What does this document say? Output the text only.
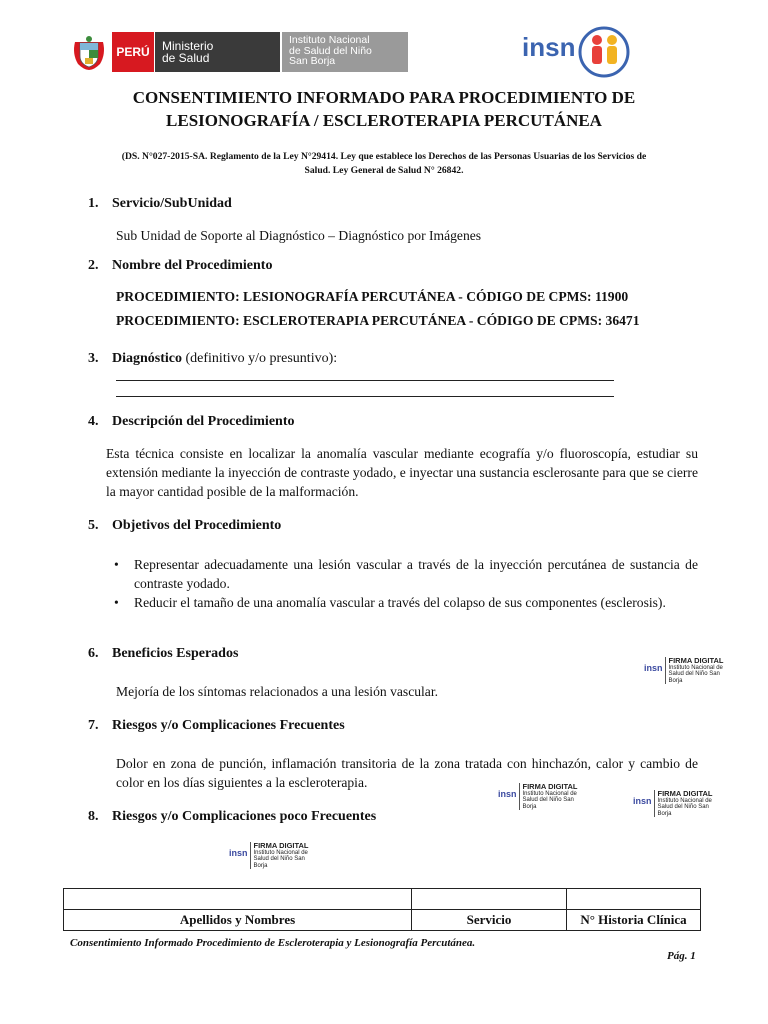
PERÚ	Ministerio
de Salud
Instituto Nacional
de Salud del Niño
San Borja	insn
CONSENTIMIENTO INFORMADO PARA PROCEDIMIENTO DE
LESIONOGRAFÍA / ESCLEROTERAPIA PERCUTÁNEA
(DS. N°027-2015-SA. Reglamento de la Ley N°29414. Ley que establece los Derechos de las Personas Usuarias de los Servicios de
Salud. Ley General de Salud N° 26842.
1. Servicio/SubUnidad
Sub Unidad de Soporte al Diagnóstico – Diagnóstico por Imágenes
2. Nombre del Procedimiento
PROCEDIMIENTO: LESIONOGRAFÍA PERCUTÁNEA - CÓDIGO DE CPMS: 11900
PROCEDIMIENTO: ESCLEROTERAPIA PERCUTÁNEA - CÓDIGO DE CPMS: 36471
3. Diagnóstico (definitivo y/o presuntivo):
4. Descripción del Procedimiento
Esta técnica consiste en localizar la anomalía vascular mediante ecografía y/o fluoroscopía, estudiar su extensión mediante la inyección de contraste yodado, e inyectar una sustancia esclerosante para que se cierre la mayor cantidad posible de la malformación.
5. Objetivos del Procedimiento
• Representar adecuadamente una lesión vascular a través de la inyección percutánea de sustancia de contraste yodado.
• Reducir el tamaño de una anomalía vascular a través del colapso de sus componentes (esclerosis).
6. Beneficios Esperados
Mejoría de los síntomas relacionados a una lesión vascular.
7. Riesgos y/o Complicaciones Frecuentes
Dolor en zona de punción, inflamación transitoria de la zona tratada con hinchazón, calor y cambio de color en los días siguientes a la escleroterapia.
8. Riesgos y/o Complicaciones poco Frecuentes
insn
FIRMA DIGITAL
Instituto Nacional de
Salud del Niño San
Borja
insn
FIRMA DIGITAL
Instituto Nacional de
Salud del Niño San
Borja
insn
FIRMA DIGITAL
Instituto Nacional de
Salud del Niño San
Borja
insn
FIRMA DIGITAL
Instituto Nacional de
Salud del Niño San
Borja

Apellidos y Nombres	Servicio	N° Historia Clínica
Consentimiento Informado Procedimiento de Escleroterapia y Lesionografía Percutánea.
Pág. 1
